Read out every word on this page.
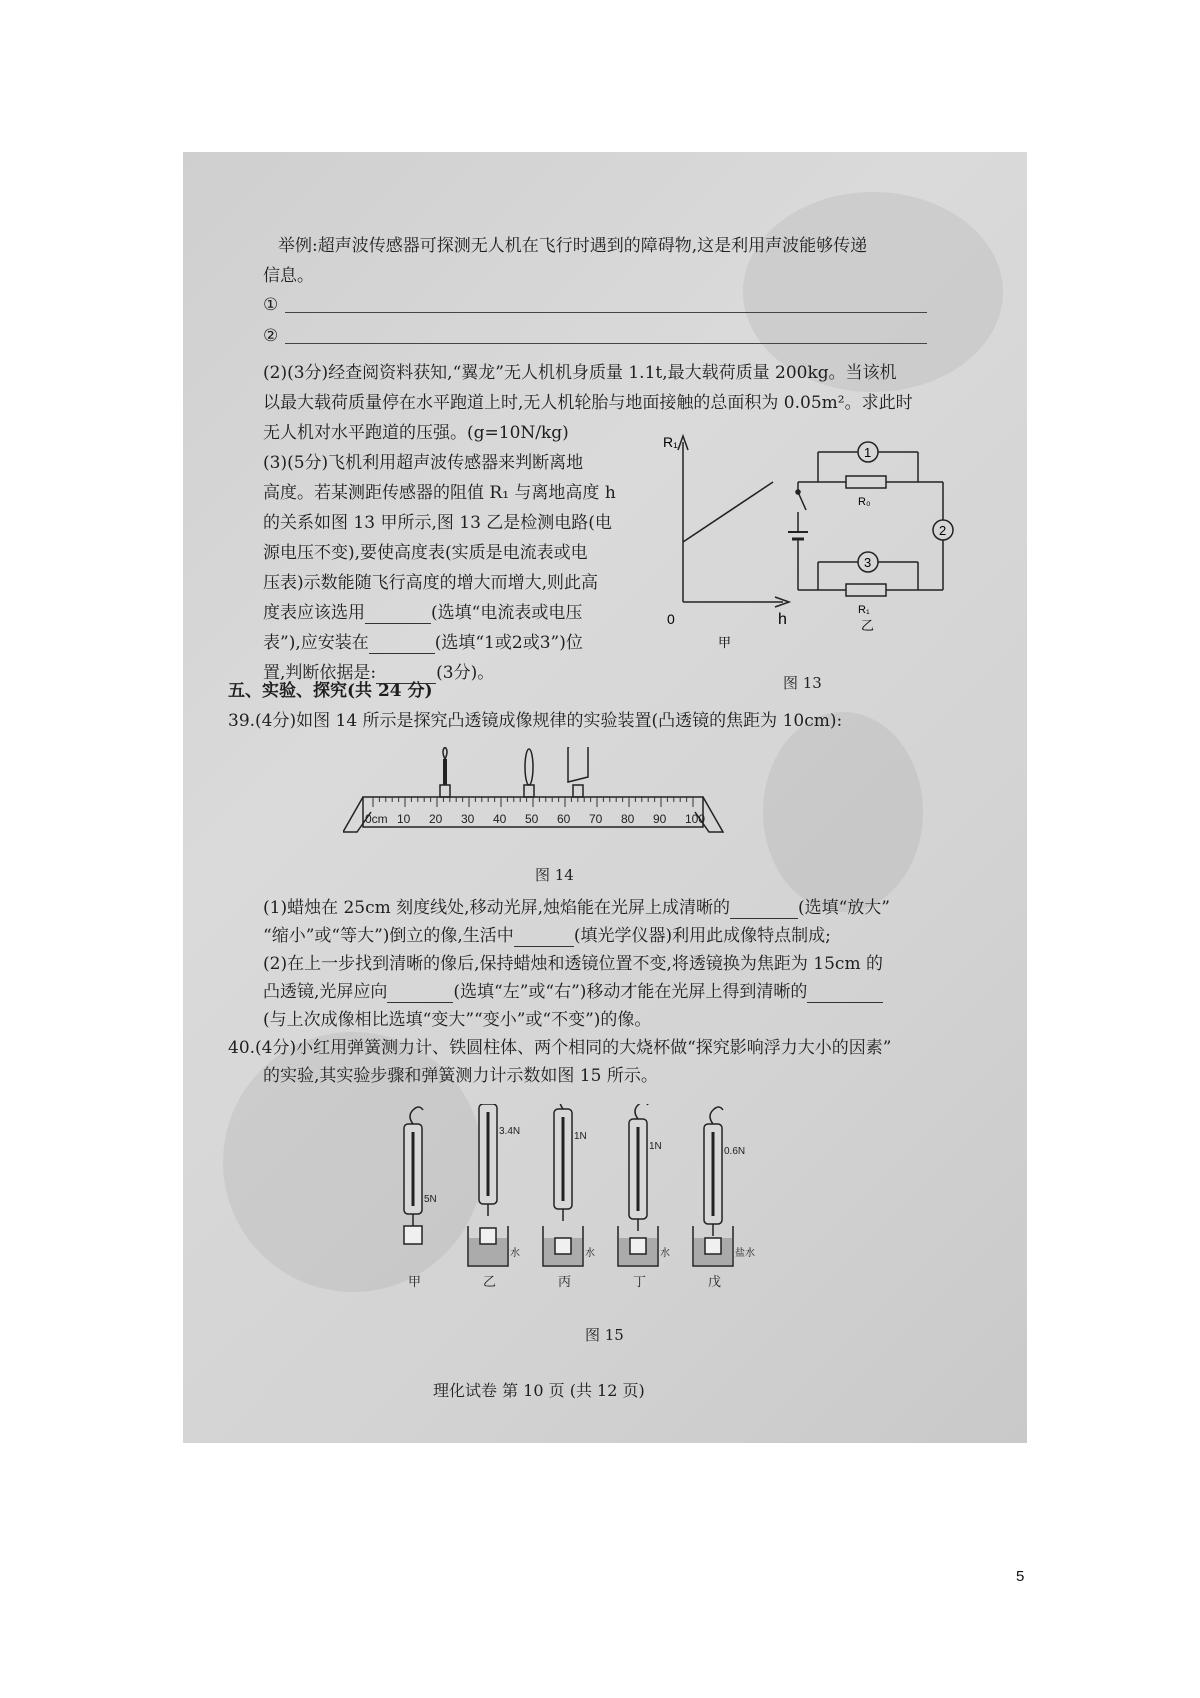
举例:超声波传感器可探测无人机在飞行时遇到的障碍物,这是利用声波能够传递
信息。
①
②
(2)(3分)经查阅资料获知,“翼龙”无人机机身质量 1.1t,最大载荷质量 200kg。当该机
以最大载荷质量停在水平跑道上时,无人机轮胎与地面接触的总面积为 0.05m²。求此时
无人机对水平跑道的压强。(g=10N/kg)
(3)(5分)飞机利用超声波传感器来判断离地
高度。若某测距传感器的阻值 R₁ 与离地高度 h
的关系如图 13 甲所示,图 13 乙是检测电路(电
源电压不变),要使高度表(实质是电流表或电
压表)示数能随飞行高度的增大而增大,则此高
度表应该选用	(选填“电流表或电压
表”),应安装在	(选填“1或2或3”)位
置,判断依据是:	(3分)。
R₁
0	h
甲
1
2
3
R₀
R₁
乙
图 13
五、实验、探究(共 24 分)
39.(4分)如图 14 所示是探究凸透镜成像规律的实验装置(凸透镜的焦距为 10cm):
0cm 10 20 30 40 50 60 70 80 90 100
图 14
(1)蜡烛在 25cm 刻度线处,移动光屏,烛焰能在光屏上成清晰的	(选填“放大”
“缩小”或“等大”)倒立的像,生活中	(填光学仪器)利用此成像特点制成;
(2)在上一步找到清晰的像后,保持蜡烛和透镜位置不变,将透镜换为焦距为 15cm 的
凸透镜,光屏应向	(选填“左”或“右”)移动才能在光屏上得到清晰的
(与上次成像相比选填“变大”“变小”或“不变”)的像。
40.(4分)小红用弹簧测力计、铁圆柱体、两个相同的大烧杯做“探究影响浮力大小的因素”
的实验,其实验步骤和弹簧测力计示数如图 15 所示。
5N
甲
3.4N
水
乙
1N
水
丙
1N
水
丁
0.6N
盐水
戊
图 15
理化试卷 第 10 页 (共 12 页)
5
